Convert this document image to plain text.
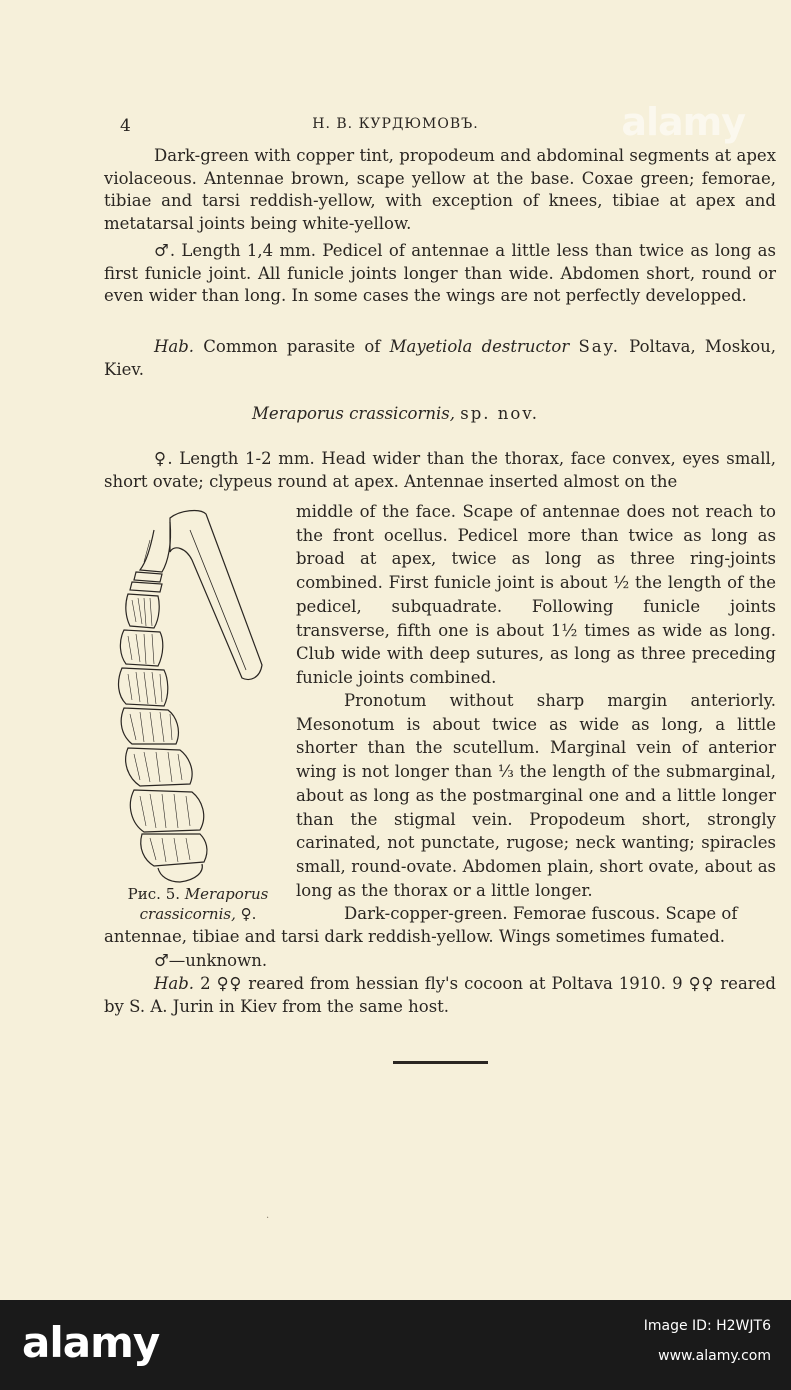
4	Н. В. КУРДЮМОВЪ.
Dark-green with copper tint, propodeum and abdominal segments at apex violaceous. Antennae brown, scape yellow at the base. Coxae green; femorae, tibiae and tarsi reddish-yellow, with exception of knees, tibiae at apex and metatarsal joints being white-yellow.
♂. Length 1,4 mm. Pedicel of antennae a little less than twice as long as first funicle joint. All funicle joints longer than wide. Abdomen short, round or even wider than long. In some cases the wings are not perfectly developped.
Hab. Common parasite of Mayetiola destructor Say. Poltava, Moskou, Kiev.
Meraporus crassicornis, sp. nov.
♀. Length 1-2 mm. Head wider than the thorax, face convex, eyes small, short ovate; clypeus round at apex. Antennae inserted almost on the
middle of the face. Scape of antennae does not reach to the front ocellus. Pedicel more than twice as long as broad at apex, twice as long as three ring-joints combined. First funicle joint is about ½ the length of the pedicel, subquadrate. Following funicle joints transverse, fifth one is about 1½ times as wide as long. Club wide with deep sutures, as long as three preceding funicle joints combined.
Pronotum without sharp margin anteriorly. Mesonotum is about twice as wide as long, a little shorter than the scutellum. Marginal vein of anterior wing is not longer than ⅓ the length of the submarginal, about as long as the postmarginal one and a little longer than the stigmal vein. Propodeum short, strongly carinated, not punctate, rugose; neck wanting; spiracles small, round-ovate. Abdomen plain, short ovate, about as long as the thorax or a little longer.
Рис. 5. Meraporus
crassicornis, ♀.	Dark-copper-green. Femorae fuscous. Scape of
antennae, tibiae and tarsi dark reddish-yellow. Wings sometimes fumated.
♂—unknown.
Hab. 2 ♀♀ reared from hessian fly's cocoon at Poltava 1910. 9 ♀♀ reared by S. A. Jurin in Kiev from the same host.
.
alamy
alamy	Image ID: H2WJT6
www.alamy.com
